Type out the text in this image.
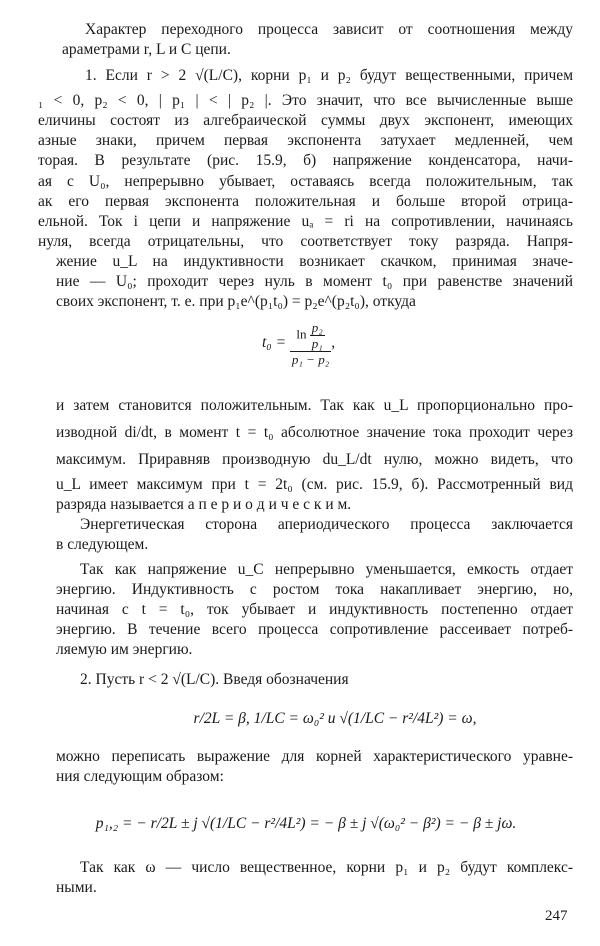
Характер переходного процесса зависит от соотношения между
араметрами r, L и C цепи.
1. Если r > 2 √(L/C), корни p₁ и p₂ будут вещественными, причем
₁ < 0, p₂ < 0, | p₁ | < | p₂ |. Это значит, что все вычисленные выше
еличины состоят из алгебраической суммы двух экспонент, имеющих
азные знаки, причем первая экспонента затухает медленней, чем
торая. В результате (рис. 15.9, б) напряжение конденсатора, начи-
ая с U₀, непрерывно убывает, оставаясь всегда положительным, так
ак его первая экспонента положительная и больше второй отрица-
ельной. Ток i цепи и напряжение uₐ = ri на сопротивлении, начинаясь
нуля, всегда отрицательны, что соответствует току разряда. Напря-
жение u_L на индуктивности возникает скачком, принимая значе-
ние — U₀; проходит через нуль в момент t₀ при равенстве значений
своих экспонент, т. е. при p₁e^(p₁t₀) = p₂e^(p₂t₀), откуда
$t_0 = \frac{\ln \frac{\text{p₂}}{\text{p₁}}}{\text{p₁ − p₂}}$ ,
и затем становится положительным. Так как u_L пропорционально про-
изводной di/dt, в момент t = t₀ абсолютное значение тока проходит через
максимум. Приравняв производную du_L/dt нулю, можно видеть, что
u_L имеет максимум при t = 2t₀ (см. рис. 15.9, б). Рассмотренный вид
разряда называется а п е р и о д и ч е с к и м.
Энергетическая сторона апериодического процесса заключается
в следующем.
Так как напряжение u_C непрерывно уменьшается, емкость отдает
энергию. Индуктивность с ростом тока накапливает энергию, но,
начиная с t = t₀, ток убывает и индуктивность постепенно отдает
энергию. В течение всего процесса сопротивление рассеивает потреб-
ляемую им энергию.
2. Пусть r < 2 √(L/C). Введя обозначения
r/2L = β, 1/LC = ω₀² и √(1/LC − r²/4L²) = ω,
можно переписать выражение для корней характеристического уравне-
ния следующим образом:
p₁,₂ = − r/2L ± j √(1/LC − r²/4L²) = − β ± j √(ω₀² − β²) = − β ± jω.
Так как ω — число вещественное, корни p₁ и p₂ будут комплекс-
ными.
247
